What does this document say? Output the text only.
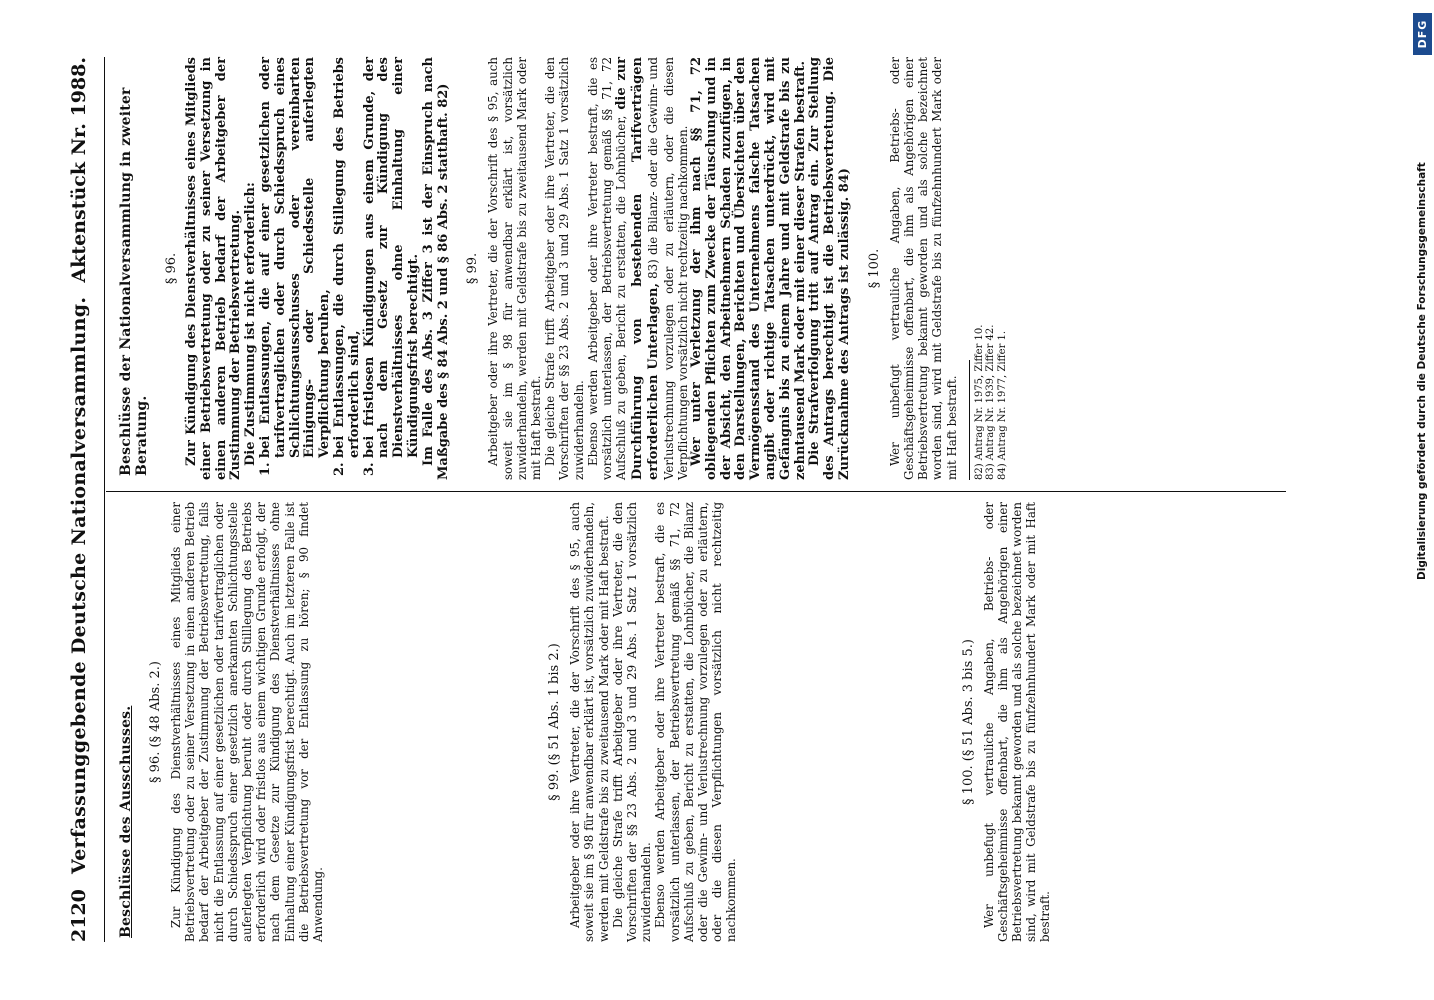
2120
Verfassunggebende Deutsche Nationalversammlung.
Aktenstück Nr. 1988.
Beschlüsse des Ausschusses. § 96. (§ 48 Abs. 2.) Zur Kündigung des Dienstverhältnisses eines Mitglieds einer Betriebsvertretung oder zu seiner Versetzung in einen anderen Betrieb bedarf der Arbeitgeber der Zustimmung der Betriebsvertretung, falls nicht die Entlassung auf einer gesetzlichen oder tarifvertraglichen oder durch Schiedsspruch einer gesetzlich anerkannten Schlichtungsstelle auferlegten Verpflichtung beruht oder durch Stilllegung des Betriebs erforderlich wird oder fristlos aus einem wichtigen Grunde erfolgt, der nach dem Gesetze zur Kündigung des Dienstverhältnisses ohne Einhaltung einer Kündigungsfrist berechtigt. Auch im letzteren Falle ist die Betriebsvertretung vor der Entlassung zu hören; § 90 findet Anwendung.

§ 99. (§ 51 Abs. 1 bis 2.) Arbeitgeber oder ihre Vertreter, die der Vorschrift des § 95, auch soweit sie im § 98 für anwendbar erklärt ist, vorsätzlich zuwiderhandeln, werden mit Geldstrafe bis zu zweitausend Mark oder mit Haft bestraft. Die gleiche Strafe trifft Arbeitgeber oder ihre Vertreter, die den Vorschriften der §§ 23 Abs. 2 und 3 und 29 Abs. 1 Satz 1 vorsätzlich zuwiderhandeln. Ebenso werden Arbeitgeber oder ihre Vertreter bestraft, die es vorsätzlich unterlassen, der Betriebsvertretung gemäß §§ 71, 72 Aufschluß zu geben, Bericht zu erstatten, die Lohnbücher, die Bilanz oder die Gewinn- und Verlustrechnung vorzulegen oder zu erläutern, oder die diesen Verpflichtungen vorsätzlich nicht rechtzeitig nachkommen.

§ 100. (§ 51 Abs. 3 bis 5.) Wer unbefugt vertrauliche Angaben, Betriebs- oder Geschäftsgeheimnisse offenbart, die ihm als Angehörigen einer Betriebsvertretung bekannt geworden und als solche bezeichnet worden sind, wird mit Geldstrafe bis zu fünfzehnhundert Mark oder mit Haft bestraft.

Beschlüsse der Nationalversammlung in zweiter Beratung.
§ 96. Zur Kündigung des Dienstverhältnisses eines Mitglieds einer Betriebsvertretung oder zu seiner Versetzung in einen anderen Betrieb bedarf der Arbeitgeber der Zustimmung der Betriebsvertretung. Die Zustimmung ist nicht erforderlich:

1.
bei Entlassungen, die auf einer gesetzlichen oder tarifvertraglichen oder durch Schiedsspruch eines Schlichtungsausschusses oder vereinbarten Einigungs- oder Schiedsstelle auferlegten Verpflichtung beruhen,
2.
bei Entlassungen, die durch Stillegung des Betriebs erforderlich sind,
3.
bei fristlosen Kündigungen aus einem Grunde, der nach dem Gesetz zur Kündigung des Dienstverhältnisses ohne Einhaltung einer Kündigungsfrist berechtigt. Im Falle des Abs. 3 Ziffer 3 ist der Einspruch nach Maßgabe des § 84 Abs. 2 und § 86 Abs. 2 statthaft. 82) § 99. Arbeitgeber oder ihre Vertreter, die der Vorschrift des § 95, auch soweit sie im § 98 für anwendbar erklärt ist, vorsätzlich zuwiderhandeln, werden mit Geldstrafe bis zu zweitausend Mark oder mit Haft bestraft. Die gleiche Strafe trifft Arbeitgeber oder ihre Vertreter, die den Vorschriften der §§ 23 Abs. 2 und 3 und 29 Abs. 1 Satz 1 vorsätzlich zuwiderhandeln. Ebenso werden Arbeitgeber oder ihre Vertreter bestraft, die es vorsätzlich unterlassen, der Betriebsvertretung gemäß §§ 71, 72 Aufschluß zu geben, Bericht zu erstatten, die Lohnbücher, die zur Durchführung von bestehenden Tarifverträgen erforderlichen Unterlagen, 83) die Bilanz- oder die Gewinn- und Verlustrechnung vorzulegen oder zu erläutern, oder die diesen Verpflichtungen vorsätzlich nicht rechtzeitig nachkommen. Wer unter Verletzung der ihm nach §§ 71, 72 obliegenden Pflichten zum Zwecke der Täuschung und in der Absicht, den Arbeitnehmern Schaden zuzufügen, in den Darstellungen, Berichten und Übersichten über den Vermögensstand des Unternehmens falsche Tatsachen angibt oder richtige Tatsachen unterdrückt, wird mit Gefängnis bis zu einem Jahre und mit Geldstrafe bis zu zehntausend Mark oder mit einer dieser Strafen bestraft. Die Strafverfolgung tritt auf Antrag ein. Zur Stellung des Antrags berechtigt ist die Betriebsvertretung. Die Zurücknahme des Antrags ist zulässig. 84) § 100. Wer unbefugt vertrauliche Angaben, Betriebs- oder Geschäftsgeheimnisse offenbart, die ihm als Angehörigen einer Betriebsvertretung bekannt geworden und als solche bezeichnet worden sind, wird mit Geldstrafe bis zu fünfzehnhundert Mark oder mit Haft bestraft. 82) Antrag Nr. 1975, Ziffer 10. 83) Antrag Nr. 1939, Ziffer 42. 84) Antrag Nr. 1977, Ziffer 1.	Digitalisierung gefördert durch die Deutsche Forschungsgemeinschaft
DFG
